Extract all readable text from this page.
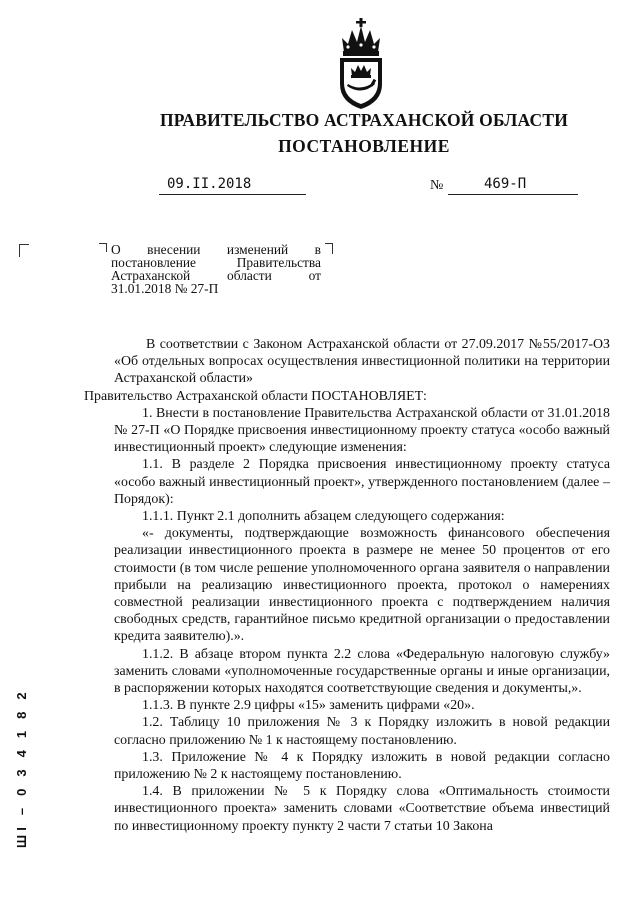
ПРАВИТЕЛЬСТВО АСТРАХАНСКОЙ ОБЛАСТИ
ПОСТАНОВЛЕНИЕ
09.II.2018	№	469-П

О внесении изменений в

постановление Правительства

Астраханской области от

31.01.2018 № 27-П

В соответствии с Законом Астраханской области от 27.09.2017 №55/2017-ОЗ «Об отдельных вопросах осуществления инвестиционной политики на территории Астраханской области»

Правительство Астраханской области ПОСТАНОВЛЯЕТ:

1. Внести в постановление Правительства Астраханской области от 31.01.2018 № 27-П «О Порядке присвоения инвестиционному проекту статуса «особо важный инвестиционный проект» следующие изменения:

1.1. В разделе 2 Порядка присвоения инвестиционному проекту статуса «особо важный инвестиционный проект», утвержденного постановлением (далее – Порядок):

1.1.1. Пункт 2.1 дополнить абзацем следующего содержания:

«- документы, подтверждающие возможность финансового обеспечения реализации инвестиционного проекта в размере не менее 50 процентов от его стоимости (в том числе решение уполномоченного органа заявителя о направлении прибыли на реализацию инвестиционного проекта, протокол о намерениях совместной реализации инвестиционного проекта с подтверждением наличия свободных средств, гарантийное письмо кредитной организации о предоставлении кредита заявителю).».

1.1.2. В абзаце втором пункта 2.2 слова «Федеральную налоговую службу» заменить словами «уполномоченные государственные органы и иные организации, в распоряжении которых находятся соответствующие сведения и документы,».

1.1.3. В пункте 2.9 цифры «15» заменить цифрами «20».

1.2. Таблицу 10 приложения № 3 к Порядку изложить в новой редакции согласно приложению № 1 к настоящему постановлению.

1.3. Приложение № 4 к Порядку изложить в новой редакции согласно приложению № 2 к настоящему постановлению.

1.4. В приложении № 5 к Порядку слова «Оптимальность стоимости инвестиционного проекта» заменить словами «Соответствие объема инвестиций по инвестиционному проекту пункту 2 части 7 статьи 10 Закона

ШI – 0 3 4 1 8 2
